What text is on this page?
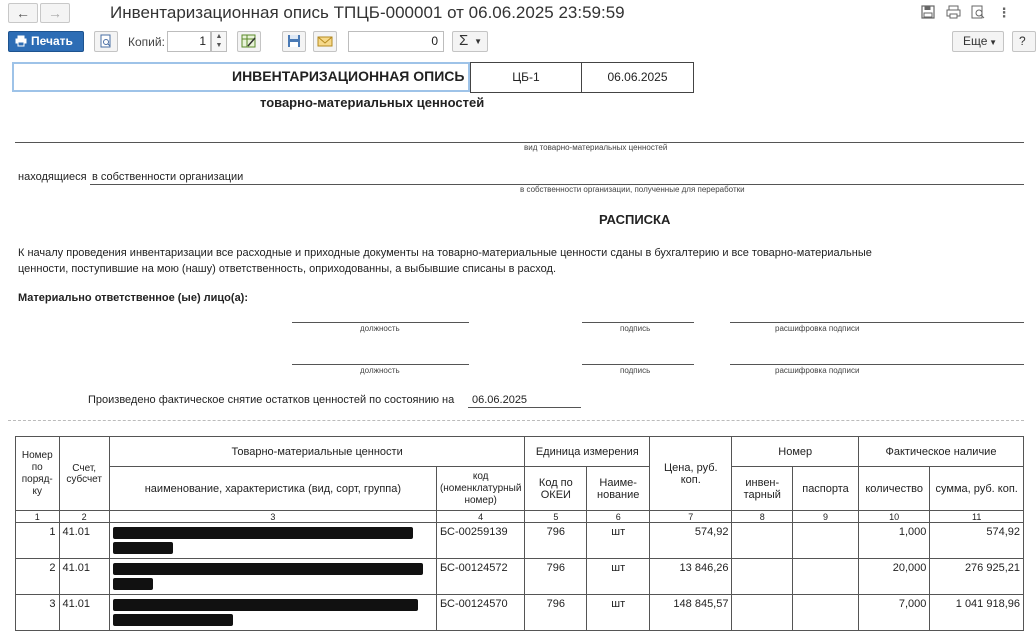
←	→	Инвентаризационная опись ТПЦБ-000001 от 06.06.2025 23:59:59	⋮
Печать	Копий:	1	▲
▼	0	Σ ▼	Еще ▼	?
ИНВЕНТАРИЗАЦИОННАЯ ОПИСЬ	ЦБ-1	06.06.2025
товарно-материальных ценностей
вид товарно-материальных ценностей
находящиеся в собственности организации
в собственности организации, полученные для переработки
РАСПИСКА
К началу проведения инвентаризации все расходные и приходные документы на товарно-материальные ценности сданы в бухгалтерию и все товарно-материальные
ценности, поступившие на мою (нашу) ответственность, оприходованны, а выбывшие списаны в расход.
Материально ответственное (ые) лицо(а):
должность	подпись	расшифровка подписи
должность	подпись	расшифровка подписи
Произведено фактическое снятие остатков ценностей по состоянию на 06.06.2025
Номер по поряд-ку	Счет, субсчет	Товарно-материальные ценности		Единица измерения		Цена, руб. коп.	Номер		Фактическое наличие	
		наименование, характеристика (вид, сорт, группа)	код (номенклатурный номер)	Код по ОКЕИ	Наиме-нование		инвен-тарный	паспорта	количество	сумма, руб. коп.
1	2	3	4	5	6	7	8	9	10	11
1	41.01		БС-00259139	796	шт	574,92			1,000	574,92
2	41.01		БС-00124572	796	шт	13 846,26			20,000	276 925,21
3	41.01		БС-00124570	796	шт	148 845,57			7,000	1 041 918,96
